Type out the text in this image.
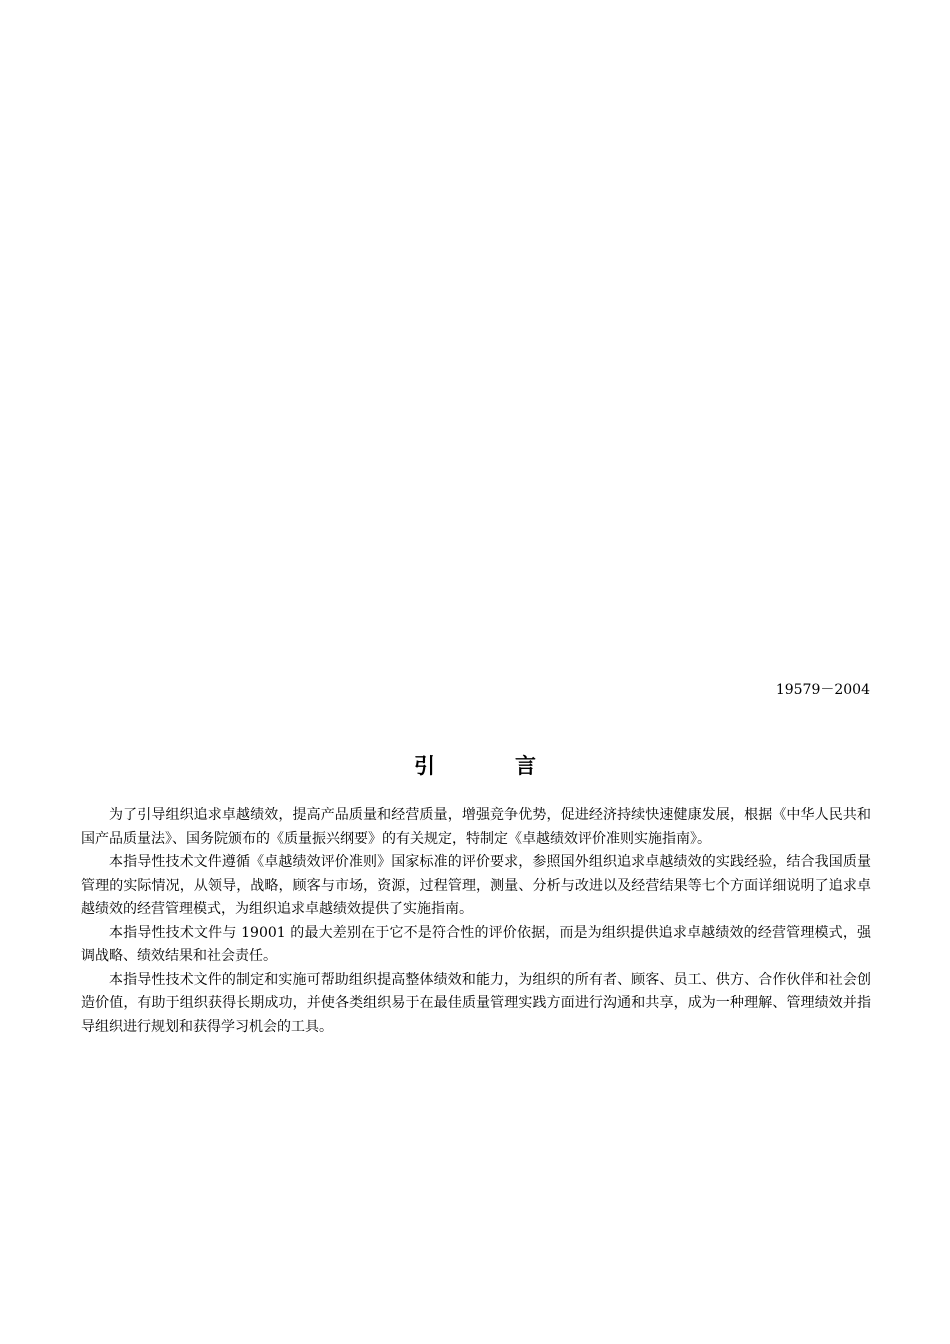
19579－2004
引言

为了引导组织追求卓越绩效，提高产品质量和经营质量，增强竞争优势，促进经济持续快速健康发展，根据《中华人民共和国产品质量法》、国务院颁布的《质量振兴纲要》的有关规定，特制定《卓越绩效评价准则实施指南》。

本指导性技术文件遵循《卓越绩效评价准则》国家标准的评价要求，参照国外组织追求卓越绩效的实践经验，结合我国质量管理的实际情况，从领导，战略，顾客与市场，资源，过程管理，测量、分析与改进以及经营结果等七个方面详细说明了追求卓越绩效的经营管理模式，为组织追求卓越绩效提供了实施指南。

本指导性技术文件与 19001 的最大差别在于它不是符合性的评价依据，而是为组织提供追求卓越绩效的经营管理模式，强调战略、绩效结果和社会责任。

本指导性技术文件的制定和实施可帮助组织提高整体绩效和能力，为组织的所有者、顾客、员工、供方、合作伙伴和社会创造价值，有助于组织获得长期成功，并使各类组织易于在最佳质量管理实践方面进行沟通和共享，成为一种理解、管理绩效并指导组织进行规划和获得学习机会的工具。
